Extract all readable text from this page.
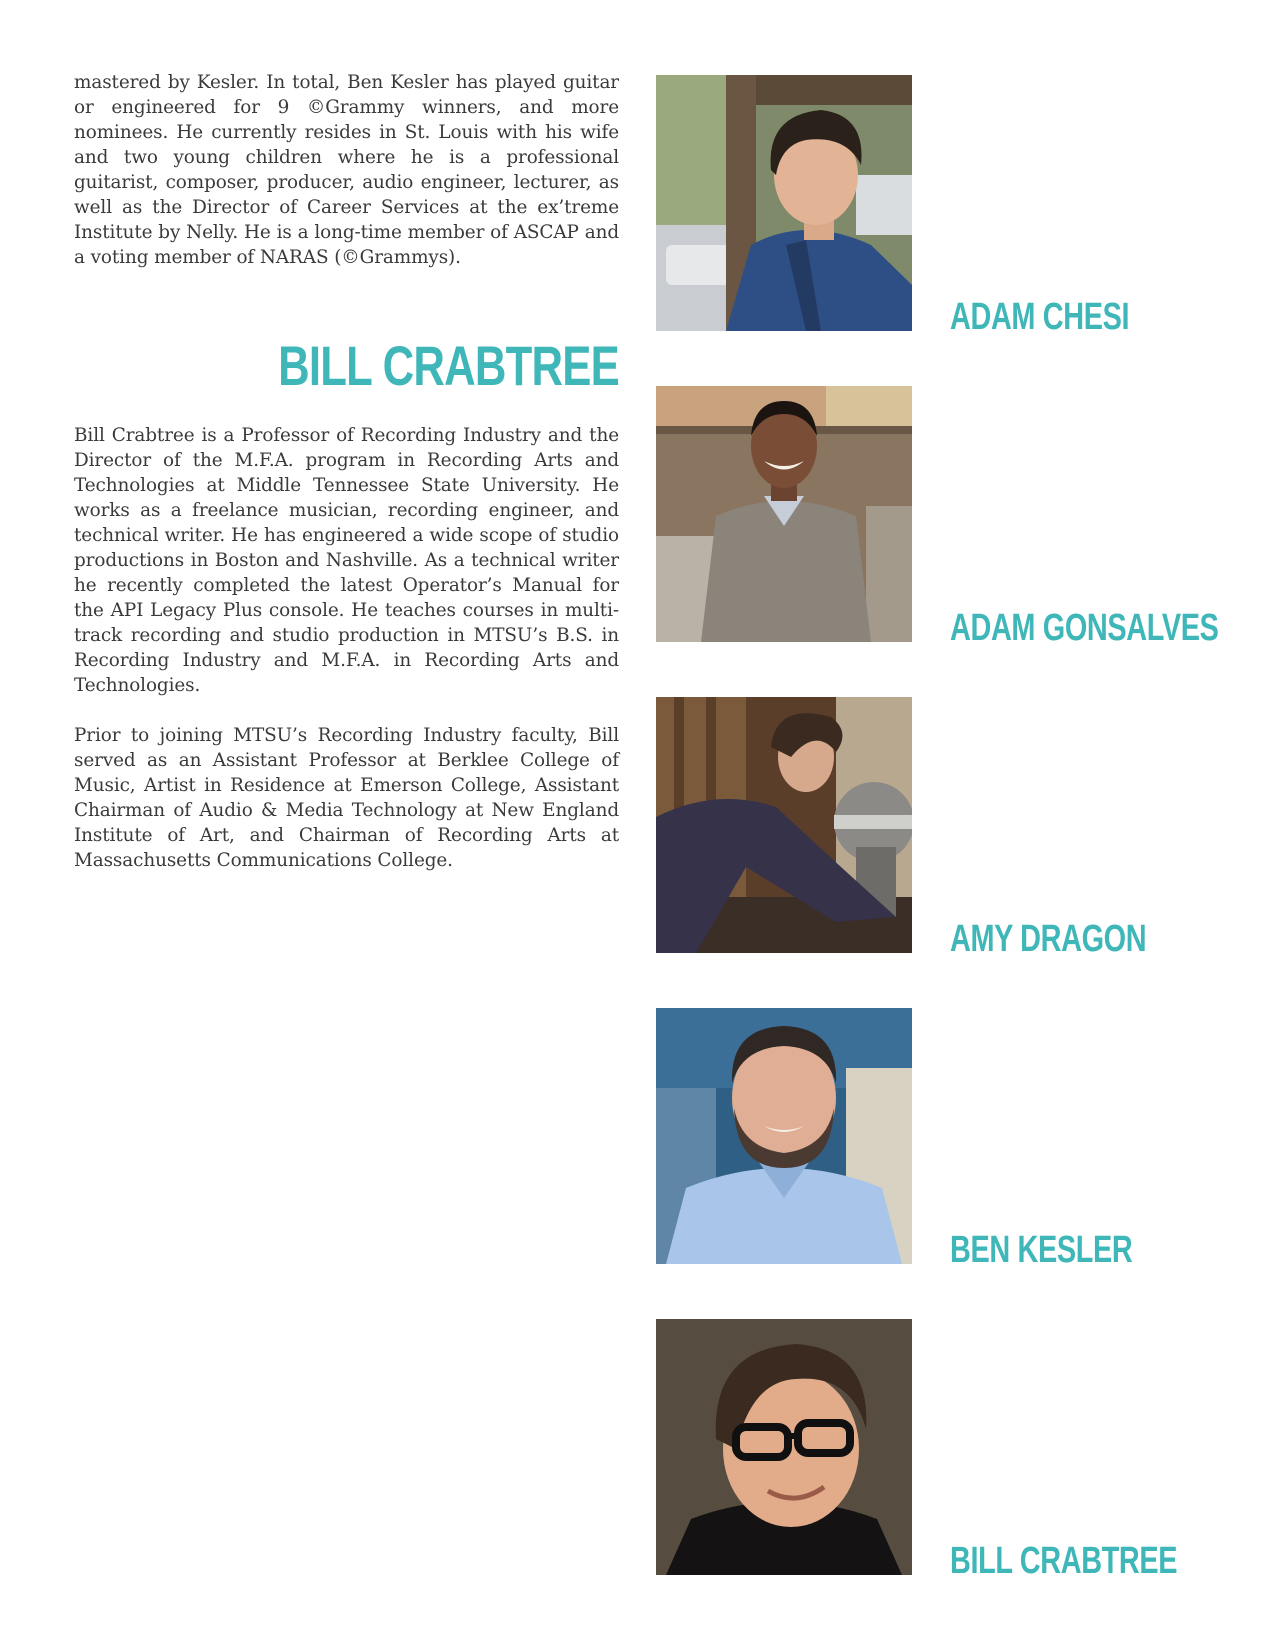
mastered by Kesler. In total, Ben Kesler has played guitar or engineered for 9 ©Grammy winners, and more nominees. He currently resides in St. Louis with his wife and two young children where he is a professional guitarist, composer, producer, audio engineer, lecturer, as well as the Director of Career Services at the ex’treme Institute by Nelly. He is a long-time member of ASCAP and a voting member of NARAS (©Grammys).

BILL CRABTREE

Bill Crabtree is a Professor of Recording Industry and the Director of the M.F.A. program in Recording Arts and Technologies at Middle Tennessee State University. He works as a freelance musician, recording engineer, and technical writer. He has engineered a wide scope of studio productions in Boston and Nashville. As a technical writer he recently completed the latest Operator’s Manual for the API Legacy Plus console. He teaches courses in multi-track recording and studio production in MTSU’s B.S. in Recording Industry and M.F.A. in Recording Arts and Technologies.

Prior to joining MTSU’s Recording Industry faculty, Bill served as an Assistant Professor at Berklee College of Music, Artist in Residence at Emerson College, Assistant Chairman of Audio & Media Technology at New England Institute of Art, and Chairman of Recording Arts at Massachusetts Communications College.

ADAM CHESI
ADAM GONSALVES
AMY DRAGON
BEN KESLER
BILL CRABTREE
